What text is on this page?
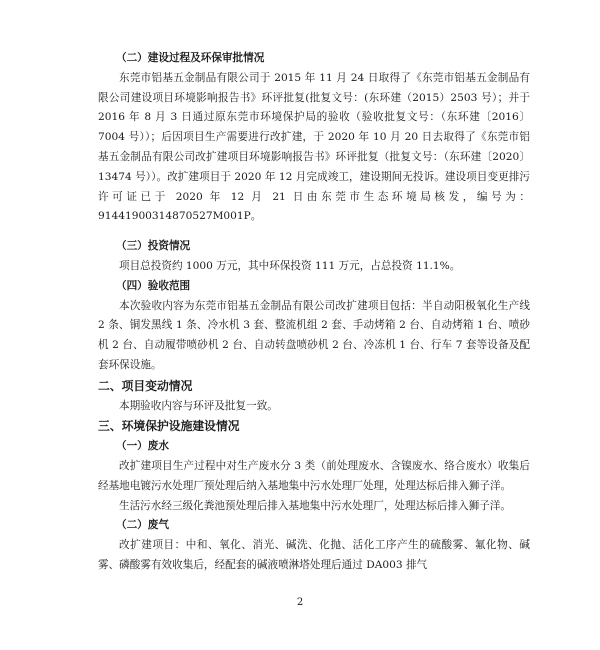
（二）建设过程及环保审批情况
东莞市铝基五金制品有限公司于 2015 年 11 月 24 日取得了《东莞市铝基五金制品有限公司建设项目环境影响报告书》环评批复(批复文号：(东环建（2015）2503 号）；并于 2016 年 8 月 3 日通过原东莞市环境保护局的验收（验收批复文号：（东环建〔2016〕7004 号））；后因项目生产需要进行改扩建，于 2020 年 10 月 20 日去取得了《东莞市铝基五金制品有限公司改扩建项目环境影响报告书》环评批复（批复文号：（东环建〔2020〕13474 号））。改扩建项目于 2020 年 12 月完成竣工，建设期间无投诉。建设项目变更排污许可证已于 2020 年 12 月 21 日由东莞市生态环境局核发，编号为：91441900314870527M001P。
（三）投资情况
项目总投资约 1000 万元，其中环保投资 111 万元，占总投资 11.1%。
（四）验收范围
本次验收内容为东莞市铝基五金制品有限公司改扩建项目包括：半自动阳极氧化生产线 2 条、铜发黑线 1 条、冷水机 3 套、整流机组 2 套、手动烤箱 2 台、自动烤箱 1 台、喷砂机 2 台、自动履带喷砂机 2 台、自动转盘喷砂机 2 台、冷冻机 1 台、行车 7 套等设备及配套环保设施。
二、项目变动情况
本期验收内容与环评及批复一致。
三、环境保护设施建设情况
（一）废水
改扩建项目生产过程中对生产废水分 3 类（前处理废水、含镍废水、络合废水）收集后经基地电镀污水处理厂预处理后纳入基地集中污水处理厂处理，处理达标后排入狮子洋。
生活污水经三级化粪池预处理后排入基地集中污水处理厂，处理达标后排入狮子洋。
（二）废气
改扩建项目：中和、氧化、消光、碱洗、化抛、活化工序产生的硫酸雾、氟化物、碱雾、磷酸雾有效收集后，经配套的碱液喷淋塔处理后通过 DA003 排气
2
